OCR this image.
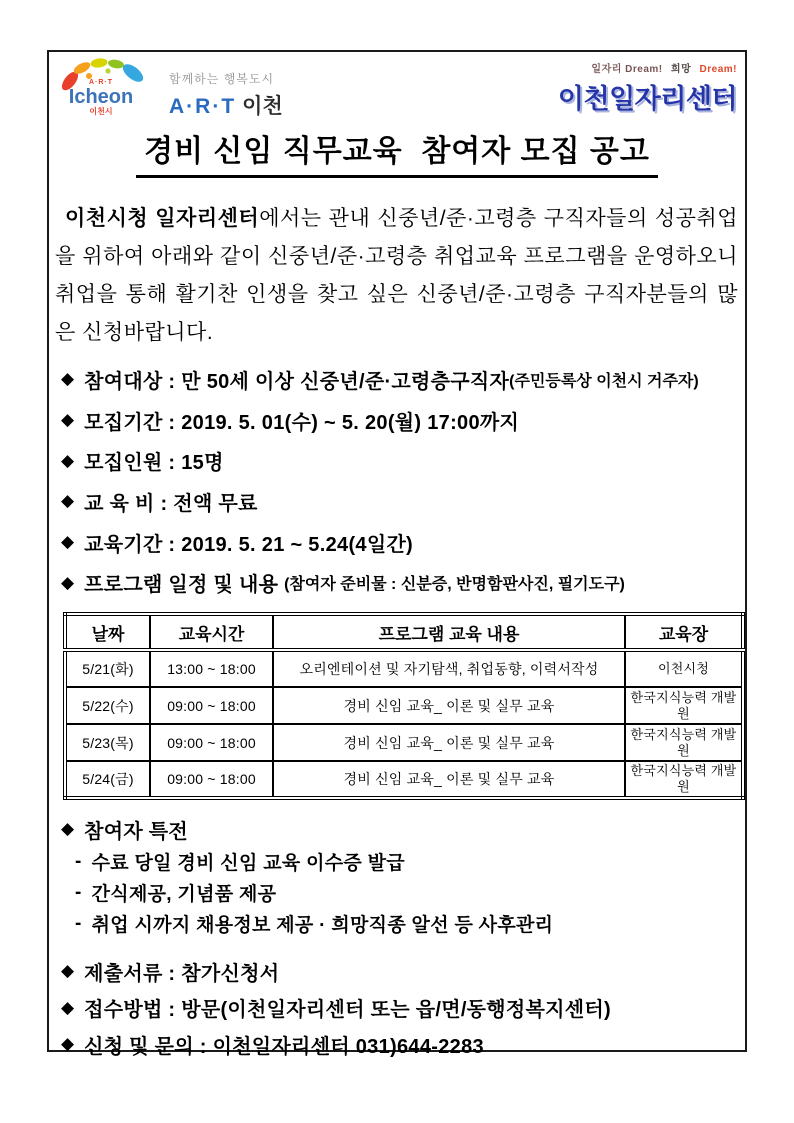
A·R·T
Icheon
이천시
함께하는 행복도시
A·R·T 이천
일자리 Dream! 희망 Dream!
이천일자리센터
경비 신임 직무교육  참여자 모집 공고

이천시청 일자리센터에서는 관내 신중년/준·고령층 구직자들의 성공취업을 위하여 아래와 같이 신중년/준·고령층 취업교육 프로그램을 운영하오니 취업을 통해 활기찬 인생을 찾고 싶은 신중년/준·고령층 구직자분들의 많은 신청바랍니다.

◆ 참여대상 : 만 50세 이상 신중년/준·고령층구직자 (주민등록상 이천시 거주자)
◆ 모집기간 : 2019. 5. 01(수) ~ 5. 20(월) 17:00까지
◆ 모집인원 : 15명
◆ 교 육 비 : 전액 무료
◆ 교육기간 : 2019. 5. 21 ~ 5.24(4일간)
◆ 프로그램 일정 및 내용 (참여자 준비물 : 신분증, 반명함판사진, 필기도구)
날짜	교육시간	프로그램 교육 내용	교육장
5/21(화)	13:00 ~ 18:00	오리엔테이션 및 자기탐색, 취업동향, 이력서작성	이천시청
5/22(수)	09:00 ~ 18:00	경비 신임 교육_ 이론 및 실무 교육	한국지식능력 개발원
5/23(목)	09:00 ~ 18:00	경비 신임 교육_ 이론 및 실무 교육	한국지식능력 개발원
5/24(금)	09:00 ~ 18:00	경비 신임 교육_ 이론 및 실무 교육	한국지식능력 개발원
◆ 참여자 특전
- 수료 당일 경비 신임 교육 이수증 발급
- 간식제공, 기념품 제공
- 취업 시까지 채용정보 제공 · 희망직종 알선 등 사후관리
◆ 제출서류 : 참가신청서
◆ 접수방법 : 방문(이천일자리센터 또는 읍/면/동행정복지센터)
◆ 신청 및 문의 : 이천일자리센터 031)644-2283
